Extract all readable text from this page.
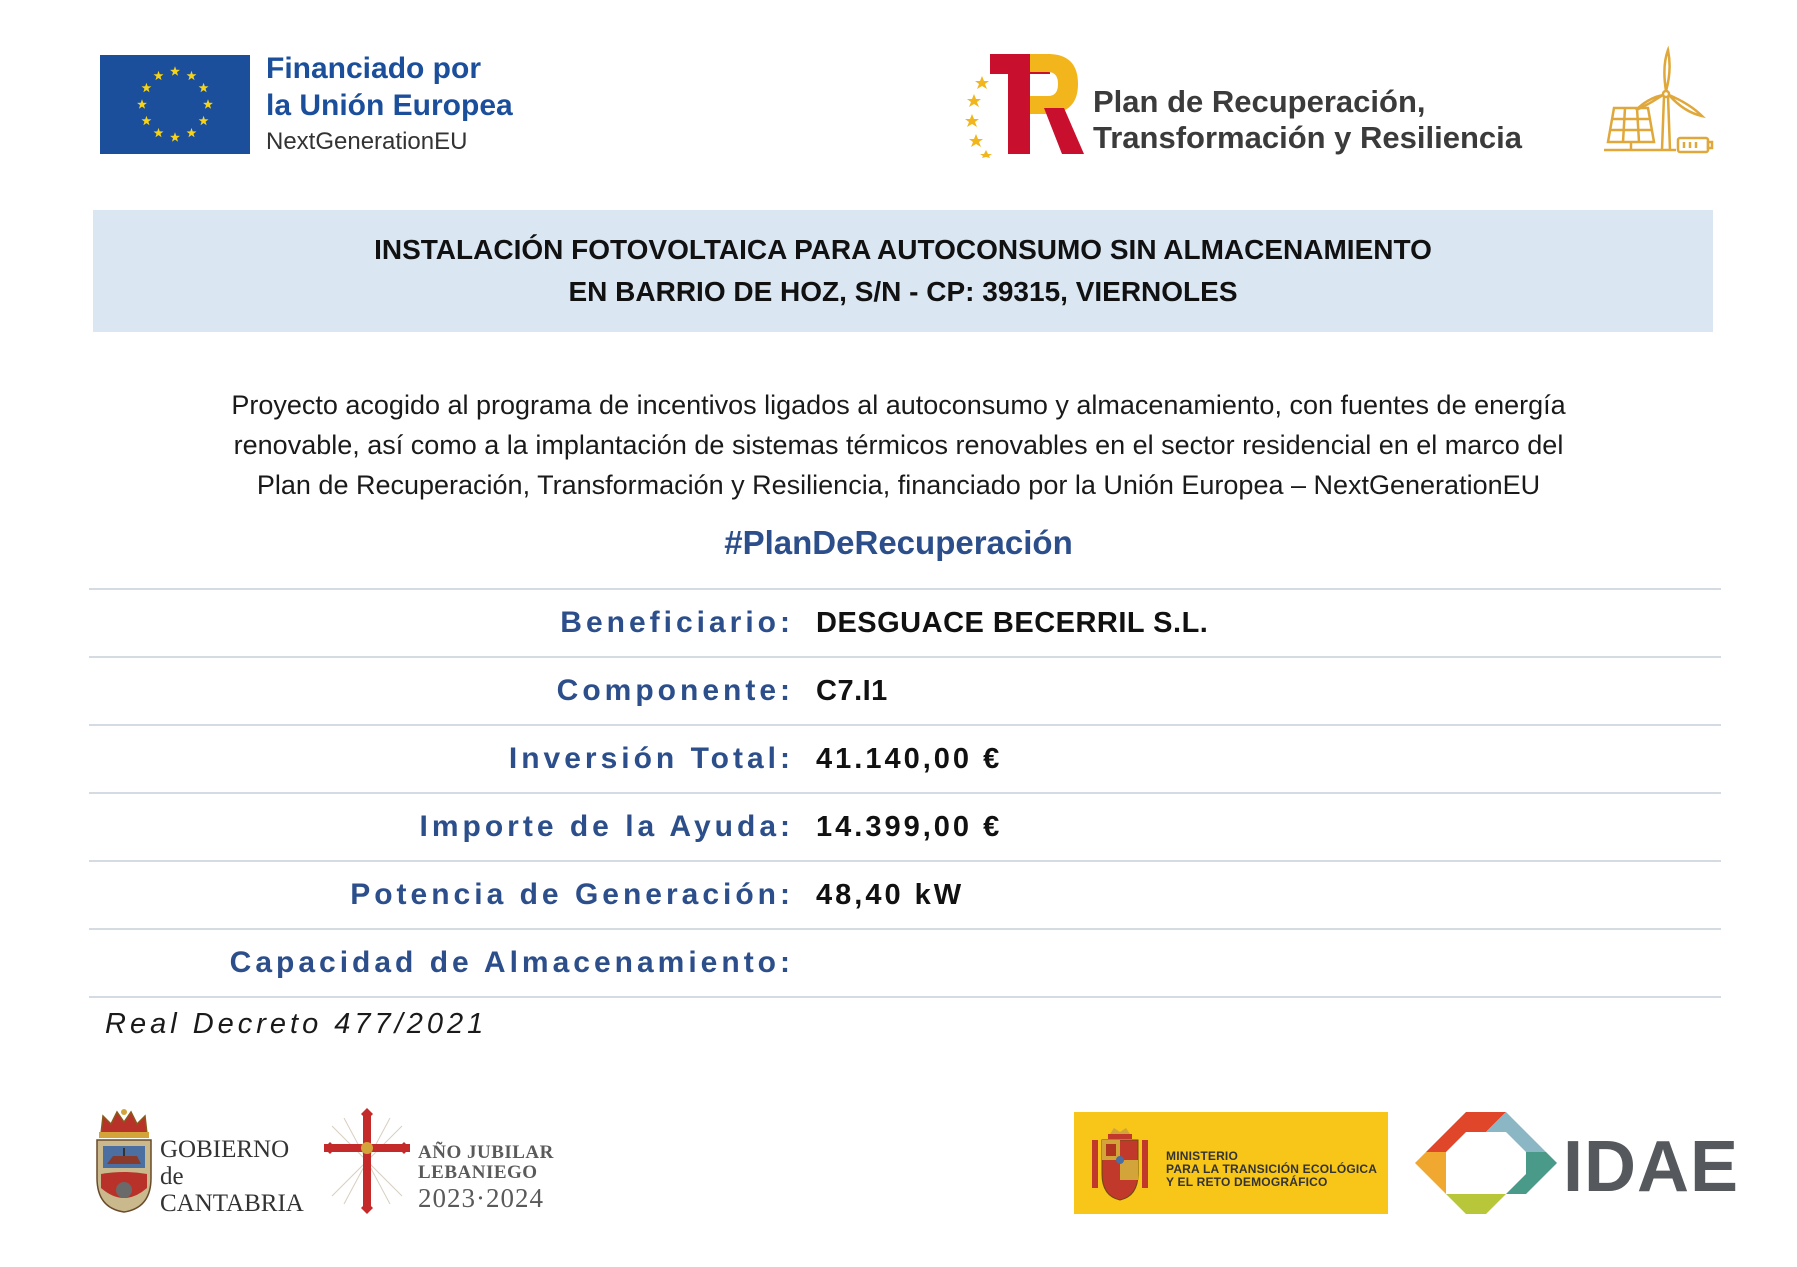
Financiado por
la Unión Europea
NextGenerationEU
Plan de Recuperación,
Transformación y Resiliencia
INSTALACIÓN FOTOVOLTAICA PARA AUTOCONSUMO SIN ALMACENAMIENTO
EN BARRIO DE HOZ, S/N - CP: 39315, VIERNOLES
Proyecto acogido al programa de incentivos ligados al autoconsumo y almacenamiento, con fuentes de energía
renovable, así como a la implantación de sistemas térmicos renovables en el sector residencial en el marco del
Plan de Recuperación, Transformación y Resiliencia, financiado por la Unión Europea – NextGenerationEU
#PlanDeRecuperación
Beneficiario: DESGUACE BECERRIL S.L.
Componente: C7.I1
Inversión Total: 41.140,00 €
Importe de la Ayuda: 14.399,00 €
Potencia de Generación: 48,40 kW
Capacidad de Almacenamiento:
Real Decreto 477/2021
GOBIERNO
de
CANTABRIA
AÑO JUBILAR
LEBANIEGO
2023·2024
MINISTERIO
PARA LA TRANSICIÓN ECOLÓGICA
Y EL RETO DEMOGRÁFICO	IDAE
